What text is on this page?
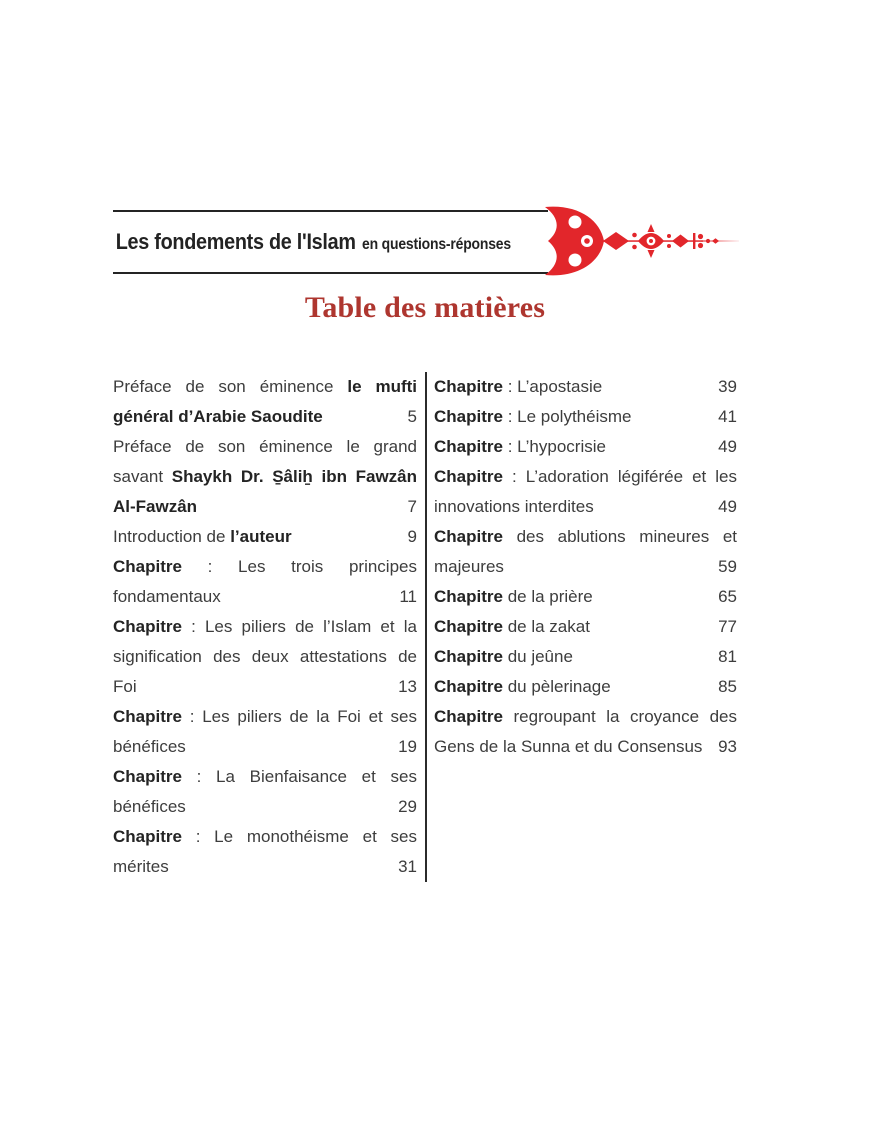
Les fondements de l'Islam en questions-réponses
Table des matières
Préface de son éminence le mufti général d’Arabie Saoudite	5
Préface de son éminence le grand savant Shaykh Dr. S̱âliẖ ibn Fawzân Al-Fawzân	7
Introduction de l’auteur	9
Chapitre : Les trois principes fondamentaux	11
Chapitre : Les piliers de l’Islam et la signification des deux attestations de Foi	13
Chapitre : Les piliers de la Foi et ses bénéfices	19
Chapitre : La Bienfaisance et ses bénéfices	29
Chapitre : Le monothéisme et ses mérites	31
Chapitre : L’apostasie	39
Chapitre : Le polythéisme	41
Chapitre : L’hypocrisie	49
Chapitre : L’adoration légiférée et les innovations interdites	49
Chapitre des ablutions mineures et majeures	59
Chapitre de la prière	65
Chapitre de la zakat	77
Chapitre du jeûne	81
Chapitre du pèlerinage	85
Chapitre regroupant la croyance des Gens de la Sunna et du Consensus 93
